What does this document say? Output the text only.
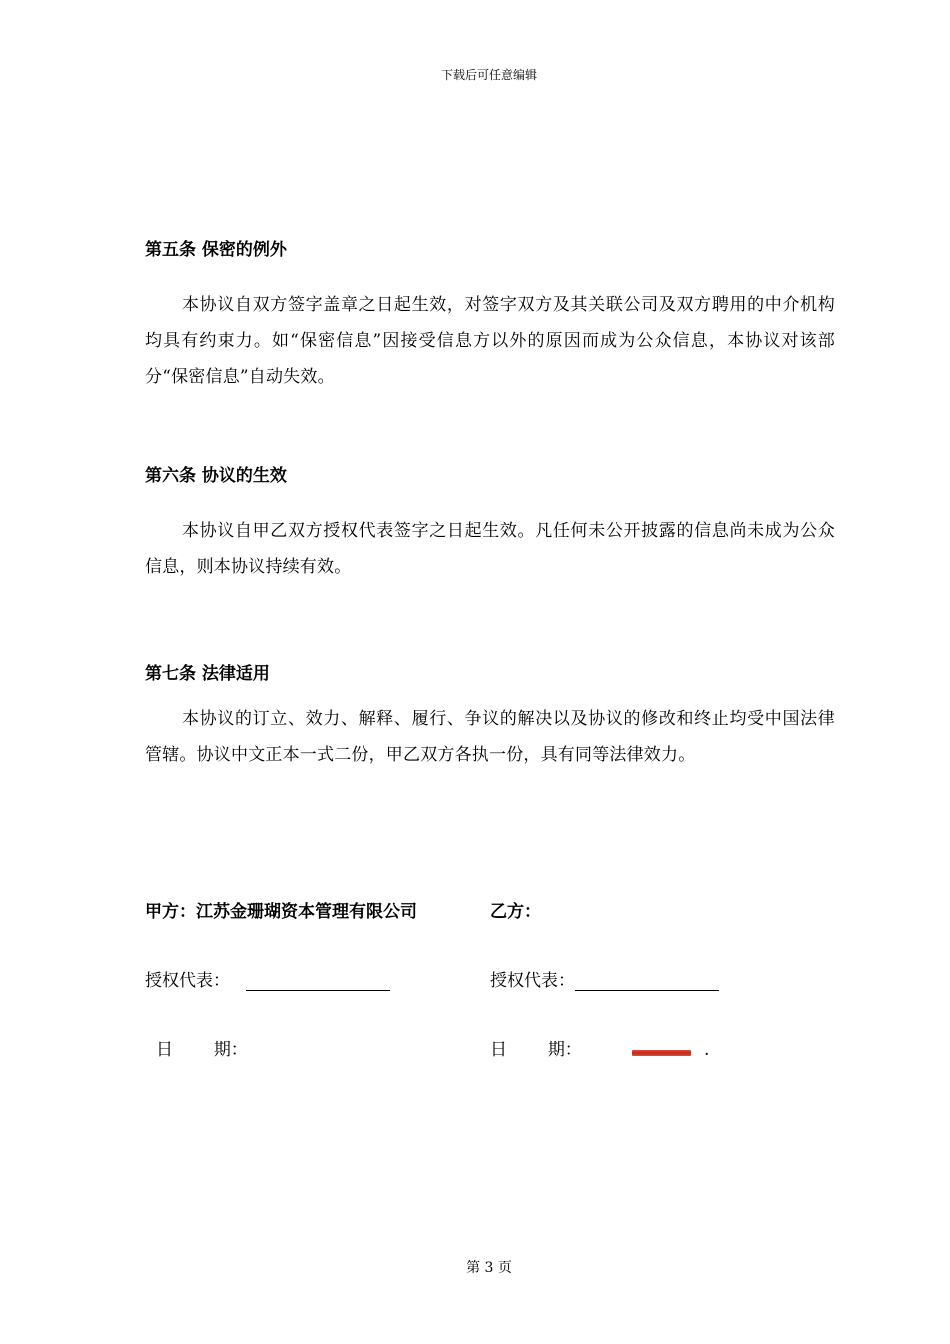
下载后可任意编辑
第五条 保密的例外
本协议自双方签字盖章之日起生效，对签字双方及其关联公司及双方聘用的中介机构均具有约束力。如“保密信息”因接受信息方以外的原因而成为公众信息，本协议对该部分“保密信息”自动失效。
第六条 协议的生效
本协议自甲乙双方授权代表签字之日起生效。凡任何未公开披露的信息尚未成为公众信息，则本协议持续有效。
第七条 法律适用
本协议的订立、效力、解释、履行、争议的解决以及协议的修改和终止均受中国法律管辖。协议中文正本一式二份，甲乙双方各执一份，具有同等法律效力。
甲方：江苏金珊瑚资本管理有限公司	乙方：
授权代表：	授权代表：
日 期：	日 期：	.
第 3 页
